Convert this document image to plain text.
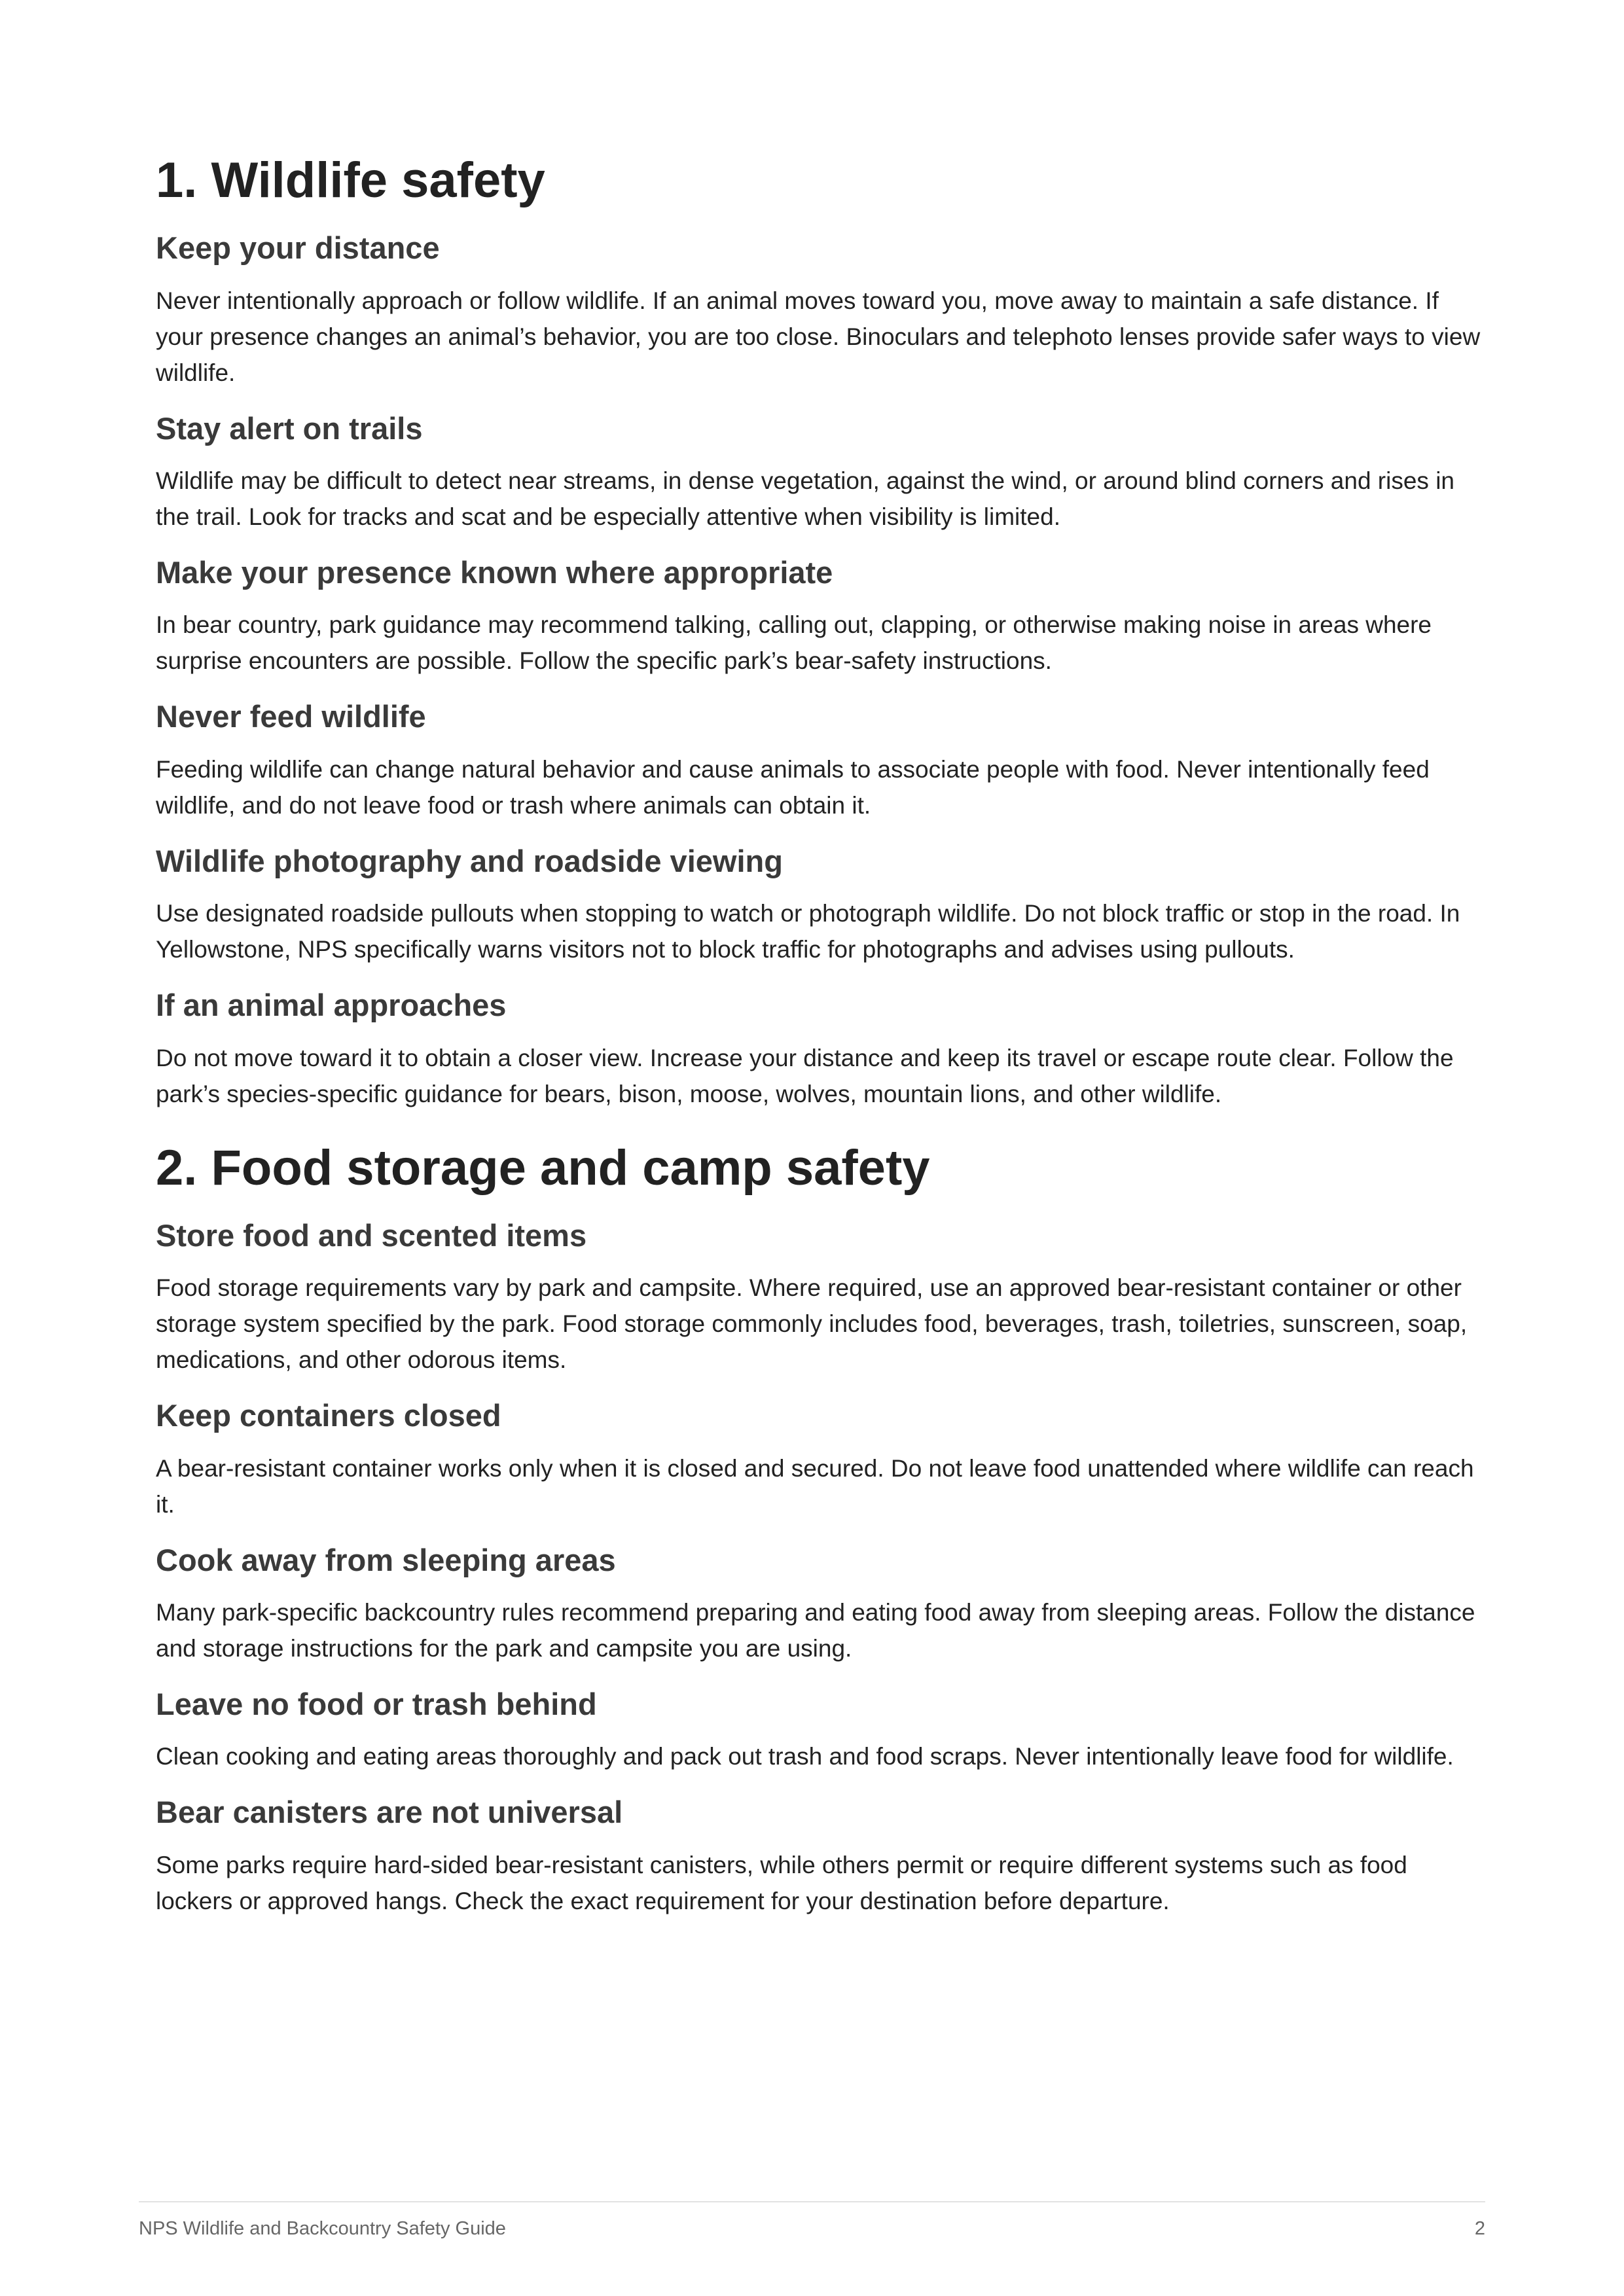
1. Wildlife safety
Keep your distance

Never intentionally approach or follow wildlife. If an animal moves toward you, move away to maintain a safe distance. If your presence changes an animal’s behavior, you are too close. Binoculars and telephoto lenses provide safer ways to view wildlife.

Stay alert on trails

Wildlife may be difficult to detect near streams, in dense vegetation, against the wind, or around blind corners and rises in the trail. Look for tracks and scat and be especially attentive when visibility is limited.

Make your presence known where appropriate

In bear country, park guidance may recommend talking, calling out, clapping, or otherwise making noise in areas where surprise encounters are possible. Follow the specific park’s bear-safety instructions.

Never feed wildlife

Feeding wildlife can change natural behavior and cause animals to associate people with food. Never intentionally feed wildlife, and do not leave food or trash where animals can obtain it.

Wildlife photography and roadside viewing

Use designated roadside pullouts when stopping to watch or photograph wildlife. Do not block traffic or stop in the road. In Yellowstone, NPS specifically warns visitors not to block traffic for photographs and advises using pullouts.

If an animal approaches

Do not move toward it to obtain a closer view. Increase your distance and keep its travel or escape route clear. Follow the park’s species-specific guidance for bears, bison, moose, wolves, mountain lions, and other wildlife.

2. Food storage and camp safety
Store food and scented items

Food storage requirements vary by park and campsite. Where required, use an approved bear-resistant container or other storage system specified by the park. Food storage commonly includes food, beverages, trash, toiletries, sunscreen, soap, medications, and other odorous items.

Keep containers closed

A bear-resistant container works only when it is closed and secured. Do not leave food unattended where wildlife can reach it.

Cook away from sleeping areas

Many park-specific backcountry rules recommend preparing and eating food away from sleeping areas. Follow the distance and storage instructions for the park and campsite you are using.

Leave no food or trash behind

Clean cooking and eating areas thoroughly and pack out trash and food scraps. Never intentionally leave food for wildlife.

Bear canisters are not universal

Some parks require hard-sided bear-resistant canisters, while others permit or require different systems such as food lockers or approved hangs. Check the exact requirement for your destination before departure.

NPS Wildlife and Backcountry Safety Guide	2
